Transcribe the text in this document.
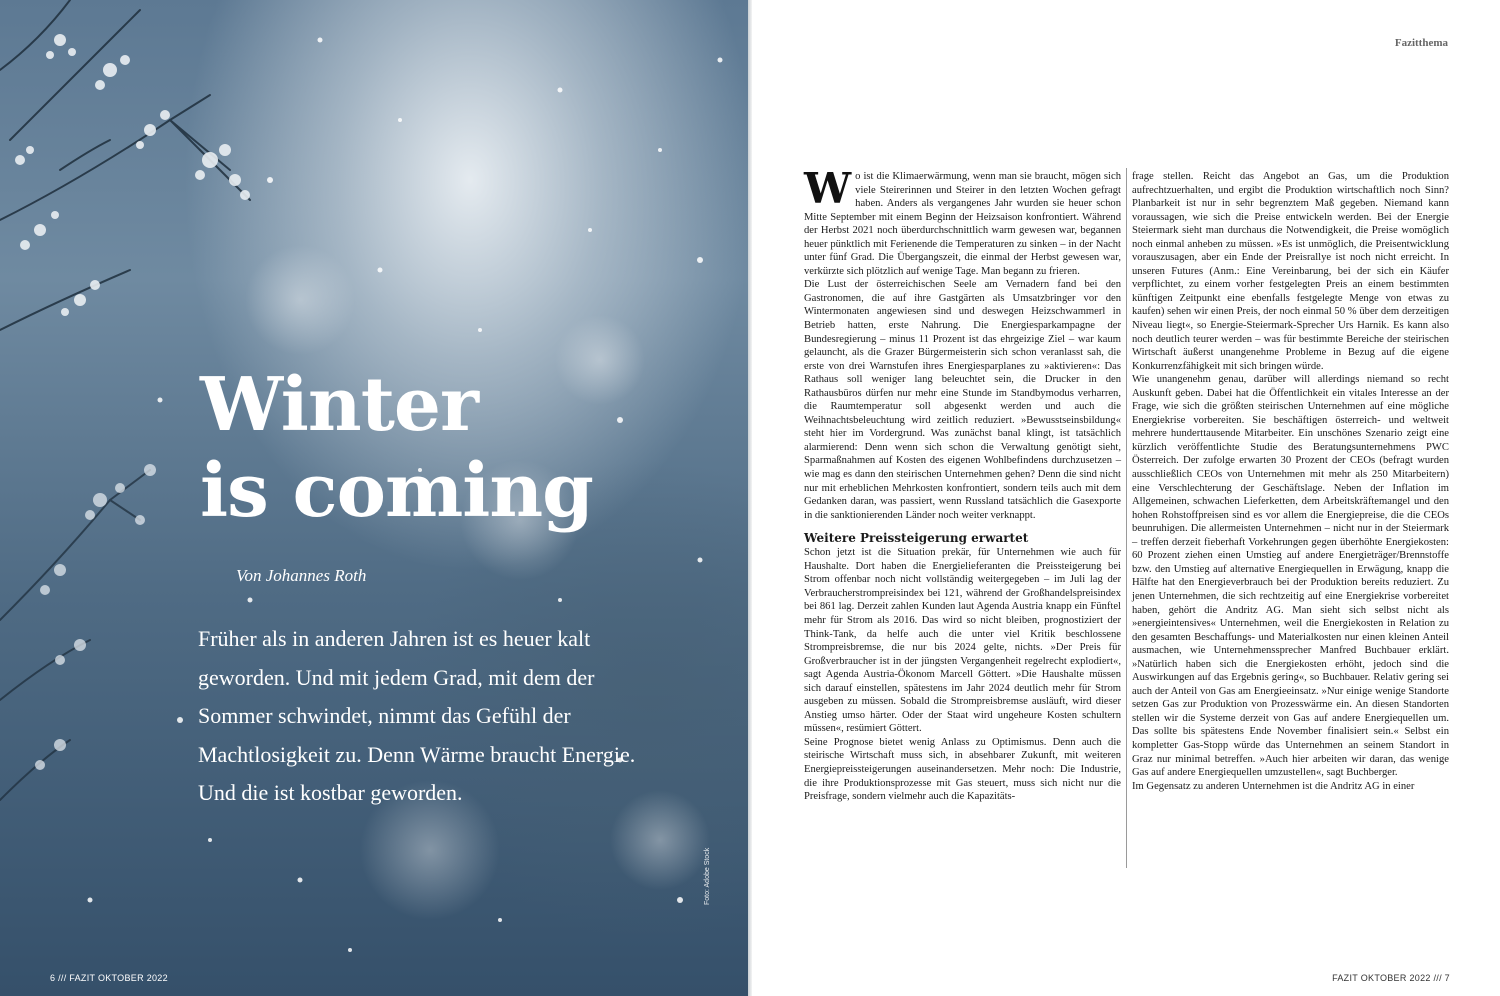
Winter
is coming
Von Johannes Roth
Früher als in anderen Jahren ist es heuer kalt geworden. Und mit jedem Grad, mit dem der Sommer schwindet, nimmt das Gefühl der Machtlosigkeit zu. Denn Wärme braucht Energie. Und die ist kostbar geworden.
Foto: Adobe Stock
6 /// FAZIT OKTOBER 2022
Fazitthema

Wo ist die Klimaerwärmung, wenn man sie braucht, mögen sich viele Steirerinnen und Steirer in den letzten Wochen gefragt haben. Anders als vergangenes Jahr wurden sie heuer schon Mitte September mit einem Beginn der Heizsaison konfrontiert. Während der Herbst 2021 noch überdurchschnittlich warm gewesen war, begannen heuer pünktlich mit Ferienende die Temperaturen zu sinken – in der Nacht unter fünf Grad. Die Übergangszeit, die einmal der Herbst gewesen war, verkürzte sich plötzlich auf wenige Tage. Man begann zu frieren.

Die Lust der österreichischen Seele am Vernadern fand bei den Gastronomen, die auf ihre Gastgärten als Umsatzbringer vor den Wintermonaten angewiesen sind und deswegen Heizschwammerl in Betrieb hatten, erste Nahrung. Die Energiesparkampagne der Bundesregierung – minus 11 Prozent ist das ehrgeizige Ziel – war kaum gelauncht, als die Grazer Bürgermeisterin sich schon veranlasst sah, die erste von drei Warnstufen ihres Energiesparplanes zu »aktivieren«: Das Rathaus soll weniger lang beleuchtet sein, die Drucker in den Rathausbüros dürfen nur mehr eine Stunde im Standbymodus verharren, die Raumtemperatur soll abgesenkt werden und auch die Weihnachtsbeleuchtung wird zeitlich reduziert. »Bewusstseinsbildung« steht hier im Vordergrund. Was zunächst banal klingt, ist tatsächlich alarmierend: Denn wenn sich schon die Verwaltung genötigt sieht, Sparmaßnahmen auf Kosten des eigenen Wohlbefindens durchzusetzen – wie mag es dann den steirischen Unternehmen gehen? Denn die sind nicht nur mit erheblichen Mehrkosten konfrontiert, sondern teils auch mit dem Gedanken daran, was passiert, wenn Russland tatsächlich die Gasexporte in die sanktionierenden Länder noch weiter verknappt.

Weitere Preissteigerung erwartet

Schon jetzt ist die Situation prekär, für Unternehmen wie auch für Haushalte. Dort haben die Energielieferanten die Preissteigerung bei Strom offenbar noch nicht vollständig weitergegeben – im Juli lag der Verbraucherstrompreisindex bei 121, während der Großhandelspreisindex bei 861 lag. Derzeit zahlen Kunden laut Agenda Austria knapp ein Fünftel mehr für Strom als 2016. Das wird so nicht bleiben, prognostiziert der Think-Tank, da helfe auch die unter viel Kritik beschlossene Strompreisbremse, die nur bis 2024 gelte, nichts. »Der Preis für Großverbraucher ist in der jüngsten Vergangenheit regelrecht explodiert«, sagt Agenda Austria-Ökonom Marcell Göttert. »Die Haushalte müssen sich darauf einstellen, spätestens im Jahr 2024 deutlich mehr für Strom ausgeben zu müssen. Sobald die Strompreisbremse ausläuft, wird dieser Anstieg umso härter. Oder der Staat wird ungeheure Kosten schultern müssen«, resümiert Göttert.

Seine Prognose bietet wenig Anlass zu Optimismus. Denn auch die steirische Wirtschaft muss sich, in absehbarer Zukunft, mit weiteren Energiepreissteigerungen auseinandersetzen. Mehr noch: Die Industrie, die ihre Produktionsprozesse mit Gas steuert, muss sich nicht nur die Preisfrage, sondern vielmehr auch die Kapazitäts-

frage stellen. Reicht das Angebot an Gas, um die Produktion aufrechtzuerhalten, und ergibt die Produktion wirtschaftlich noch Sinn? Planbarkeit ist nur in sehr begrenztem Maß gegeben. Niemand kann voraussagen, wie sich die Preise entwickeln werden. Bei der Energie Steiermark sieht man durchaus die Notwendigkeit, die Preise womöglich noch einmal anheben zu müssen. »Es ist unmöglich, die Preisentwicklung vorauszusagen, aber ein Ende der Preisrallye ist noch nicht erreicht. In unseren Futures (Anm.: Eine Vereinbarung, bei der sich ein Käufer verpflichtet, zu einem vorher festgelegten Preis an einem bestimmten künftigen Zeitpunkt eine ebenfalls festgelegte Menge von etwas zu kaufen) sehen wir einen Preis, der noch einmal 50 % über dem derzeitigen Niveau liegt«, so Energie-Steiermark-Sprecher Urs Harnik. Es kann also noch deutlich teurer werden – was für bestimmte Bereiche der steirischen Wirtschaft äußerst unangenehme Probleme in Bezug auf die eigene Konkurrenzfähigkeit mit sich bringen würde.

Wie unangenehm genau, darüber will allerdings niemand so recht Auskunft geben. Dabei hat die Öffentlichkeit ein vitales Interesse an der Frage, wie sich die größten steirischen Unternehmen auf eine mögliche Energiekrise vorbereiten. Sie beschäftigen österreich- und weltweit mehrere hunderttausende Mitarbeiter. Ein unschönes Szenario zeigt eine kürzlich veröffentlichte Studie des Beratungsunternehmens PWC Österreich. Der zufolge erwarten 30 Prozent der CEOs (befragt wurden ausschließlich CEOs von Unternehmen mit mehr als 250 Mitarbeitern) eine Verschlechterung der Geschäftslage. Neben der Inflation im Allgemeinen, schwachen Lieferketten, dem Arbeitskräftemangel und den hohen Rohstoffpreisen sind es vor allem die Energiepreise, die die CEOs beunruhigen. Die allermeisten Unternehmen – nicht nur in der Steiermark – treffen derzeit fieberhaft Vorkehrungen gegen überhöhte Energiekosten: 60 Prozent ziehen einen Umstieg auf andere Energieträger/Brennstoffe bzw. den Umstieg auf alternative Energiequellen in Erwägung, knapp die Hälfte hat den Energieverbrauch bei der Produktion bereits reduziert. Zu jenen Unternehmen, die sich rechtzeitig auf eine Energiekrise vorbereitet haben, gehört die Andritz AG. Man sieht sich selbst nicht als »energieintensives« Unternehmen, weil die Energiekosten in Relation zu den gesamten Beschaffungs- und Materialkosten nur einen kleinen Anteil ausmachen, wie Unternehmenssprecher Manfred Buchbauer erklärt. »Natürlich haben sich die Energiekosten erhöht, jedoch sind die Auswirkungen auf das Ergebnis gering«, so Buchbauer. Relativ gering sei auch der Anteil von Gas am Energieeinsatz. »Nur einige wenige Standorte setzen Gas zur Produktion von Prozesswärme ein. An diesen Standorten stellen wir die Systeme derzeit von Gas auf andere Energiequellen um. Das sollte bis spätestens Ende November finalisiert sein.« Selbst ein kompletter Gas-Stopp würde das Unternehmen an seinem Standort in Graz nur minimal betreffen. »Auch hier arbeiten wir daran, das wenige Gas auf andere Energiequellen umzustellen«, sagt Buchberger.

Im Gegensatz zu anderen Unternehmen ist die Andritz AG in einer

FAZIT OKTOBER 2022 /// 7
